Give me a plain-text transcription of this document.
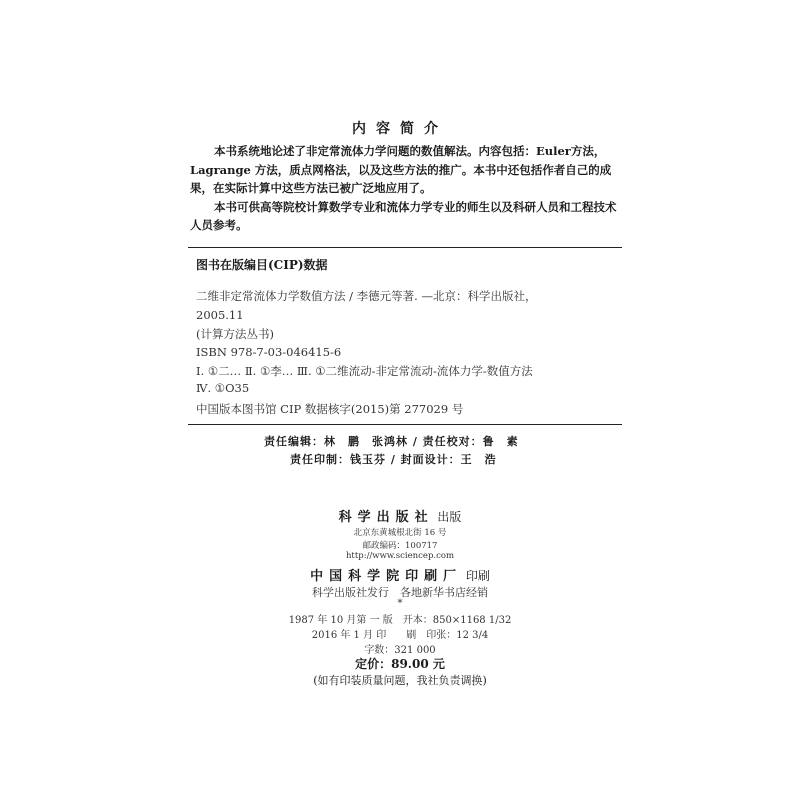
内容简介

本书系统地论述了非定常流体力学问题的数值解法。内容包括：Euler方法，Lagrange 方法，质点网格法，以及这些方法的推广。本书中还包括作者自己的成果，在实际计算中这些方法已被广泛地应用了。

本书可供高等院校计算数学专业和流体力学专业的师生以及科研人员和工程技术人员参考。

图书在版编目(CIP)数据
二维非定常流体力学数值方法 / 李德元等著. —北京：科学出版社，
2005.11
(计算方法丛书)
ISBN 978-7-03-046415-6
Ⅰ. ①二… Ⅱ. ①李… Ⅲ. ①二维流动-非定常流动-流体力学-数值方法
Ⅳ. ①O35
中国版本图书馆 CIP 数据核字(2015)第 277029 号
责任编辑：林　鹏　张鸿林 / 责任校对：鲁　素
责任印制：钱玉芬 / 封面设计：王　浩
科学出版社 出版
北京东黄城根北街 16 号
邮政编码：100717
http://www.sciencep.com
中国科学院印刷厂 印刷
科学出版社发行　各地新华书店经销
*
1987 年 10 月第 一 版　开本：850×1168 1/32
2016 年 1 月 印　　刷　印张：12 3/4
字数：321 000
定价：89.00 元
(如有印装质量问题，我社负责调换)
